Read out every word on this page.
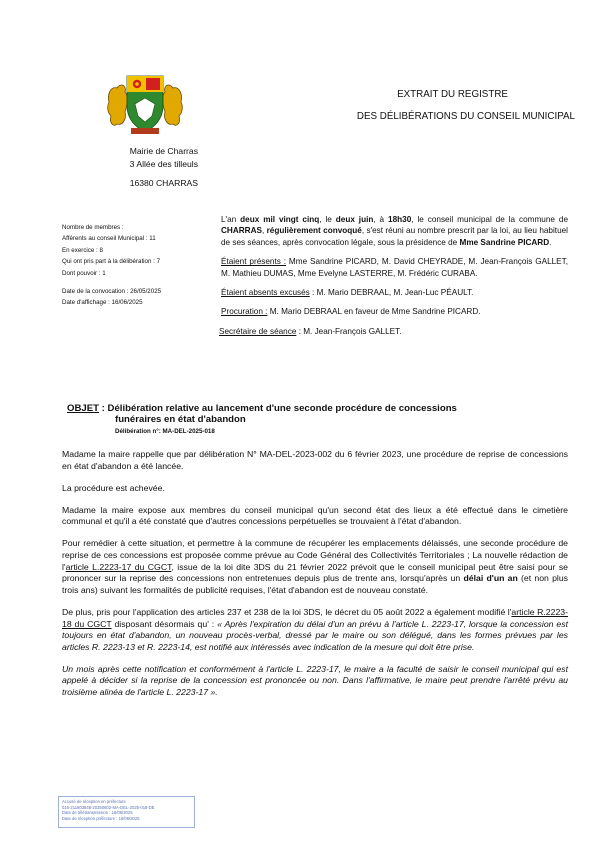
Mairie de Charras
3 Allée des tilleuls
16380 CHARRAS
EXTRAIT DU REGISTRE
DES DÉLIBÉRATIONS DU CONSEIL MUNICIPAL
Nombre de membres :
Afférents au conseil Municipal : 11
En exercice : 8
Qui ont pris part à la délibération : 7
Dont pouvoir : 1
Date de la convocation : 26/05/2025
Date d'affichage : 16/06/2025

L'an deux mil vingt cinq, le deux juin, à 18h30, le conseil municipal de la commune de CHARRAS, régulièrement convoqué, s'est réuni au nombre prescrit par la loi, au lieu habituel de ses séances, après convocation légale, sous la présidence de Mme Sandrine PICARD.

Étaient présents : Mme Sandrine PICARD, M. David CHEYRADE, M. Jean-François GALLET, M. Mathieu DUMAS, Mme Evelyne LASTERRE, M. Frédéric CURABA.

Étaient absents excusés : M. Mario DEBRAAL, M. Jean-Luc PÉAULT.

Procuration : M. Mario DEBRAAL en faveur de Mme Sandrine PICARD.

Secrétaire de séance : M. Jean-François GALLET.

OBJET : Délibération relative au lancement d'une seconde procédure de concessions
funéraires en état d'abandon
Délibération n°: MA-DEL-2025-018

Madame la maire rappelle que par délibération N° MA-DEL-2023-002 du 6 février 2023, une procédure de reprise de concessions en état d'abandon a été lancée.

La procédure est achevée.

Madame la maire expose aux membres du conseil municipal qu'un second état des lieux a été effectué dans le cimetière communal et qu'il a été constaté que d'autres concessions perpétuelles se trouvaient à l'état d'abandon.

Pour remédier à cette situation, et permettre à la commune de récupérer les emplacements délaissés, une seconde procédure de reprise de ces concessions est proposée comme prévue au Code Général des Collectivités Territoriales ; La nouvelle rédaction de l'article L.2223-17 du CGCT, issue de la loi dite 3DS du 21 février 2022 prévoit que le conseil municipal peut être saisi pour se prononcer sur la reprise des concessions non entretenues depuis plus de trente ans, lorsqu'après un délai d'un an (et non plus trois ans) suivant les formalités de publicité requises, l'état d'abandon est de nouveau constaté.

De plus, pris pour l'application des articles 237 et 238 de la loi 3DS, le décret du 05 août 2022 a également modifié l'article R.2223-18 du CGCT disposant désormais qu' : « Après l'expiration du délai d'un an prévu à l'article L. 2223-17, lorsque la concession est toujours en état d'abandon, un nouveau procès-verbal, dressé par le maire ou son délégué, dans les formes prévues par les articles R. 2223-13 et R. 2223-14, est notifié aux intéressés avec indication de la mesure qui doit être prise.

Un mois après cette notification et conformément à l'article L. 2223-17, le maire a la faculté de saisir le conseil municipal qui est appelé à décider si la reprise de la concession est prononcée ou non. Dans l'affirmative, le maire peut prendre l'arrêté prévu au troisième alinéa de l'article L. 2223-17 ».

Accusé de réception en préfecture
016-211603848-20250602-MA-DEL-2025-018-DE
Date de télétransmission : 16/06/2025
Date de réception préfecture : 16/06/2025
